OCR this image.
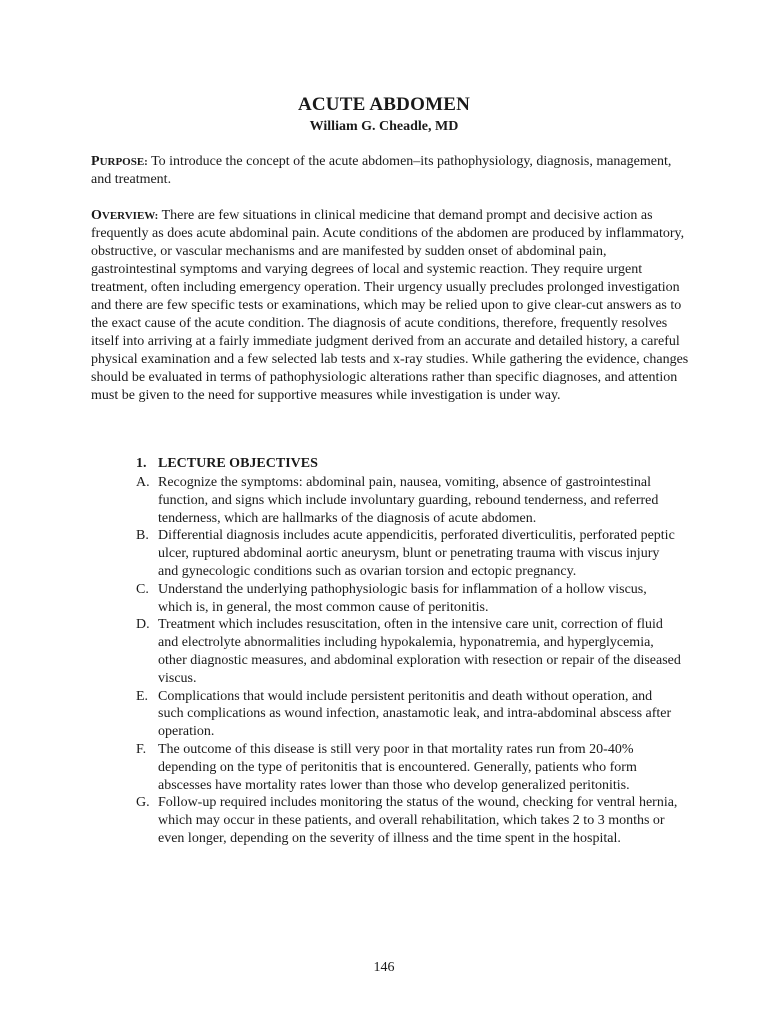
ACUTE ABDOMEN
William G. Cheadle, MD

PURPOSE: To introduce the concept of the acute abdomen–its pathophysiology, diagnosis, management, and treatment.

OVERVIEW: There are few situations in clinical medicine that demand prompt and decisive action as frequently as does acute abdominal pain. Acute conditions of the abdomen are produced by inflammatory, obstructive, or vascular mechanisms and are manifested by sudden onset of abdominal pain, gastrointestinal symptoms and varying degrees of local and systemic reaction. They require urgent treatment, often including emergency operation. Their urgency usually precludes prolonged investigation and there are few specific tests or examinations, which may be relied upon to give clear-cut answers as to the exact cause of the acute condition. The diagnosis of acute conditions, therefore, frequently resolves itself into arriving at a fairly immediate judgment derived from an accurate and detailed history, a careful physical examination and a few selected lab tests and x-ray studies. While gathering the evidence, changes should be evaluated in terms of pathophysiologic alterations rather than specific diagnoses, and attention must be given to the need for supportive measures while investigation is under way.

1. LECTURE OBJECTIVES
A. Recognize the symptoms: abdominal pain, nausea, vomiting, absence of gastrointestinal function, and signs which include involuntary guarding, rebound tenderness, and referred tenderness, which are hallmarks of the diagnosis of acute abdomen.
B. Differential diagnosis includes acute appendicitis, perforated diverticulitis, perforated peptic ulcer, ruptured abdominal aortic aneurysm, blunt or penetrating trauma with viscus injury and gynecologic conditions such as ovarian torsion and ectopic pregnancy.
C. Understand the underlying pathophysiologic basis for inflammation of a hollow viscus, which is, in general, the most common cause of peritonitis.
D. Treatment which includes resuscitation, often in the intensive care unit, correction of fluid and electrolyte abnormalities including hypokalemia, hyponatremia, and hyperglycemia, other diagnostic measures, and abdominal exploration with resection or repair of the diseased viscus.
E. Complications that would include persistent peritonitis and death without operation, and such complications as wound infection, anastamotic leak, and intra-abdominal abscess after operation.
F. The outcome of this disease is still very poor in that mortality rates run from 20-40% depending on the type of peritonitis that is encountered. Generally, patients who form abscesses have mortality rates lower than those who develop generalized peritonitis.
G. Follow-up required includes monitoring the status of the wound, checking for ventral hernia, which may occur in these patients, and overall rehabilitation, which takes 2 to 3 months or even longer, depending on the severity of illness and the time spent in the hospital.
146
